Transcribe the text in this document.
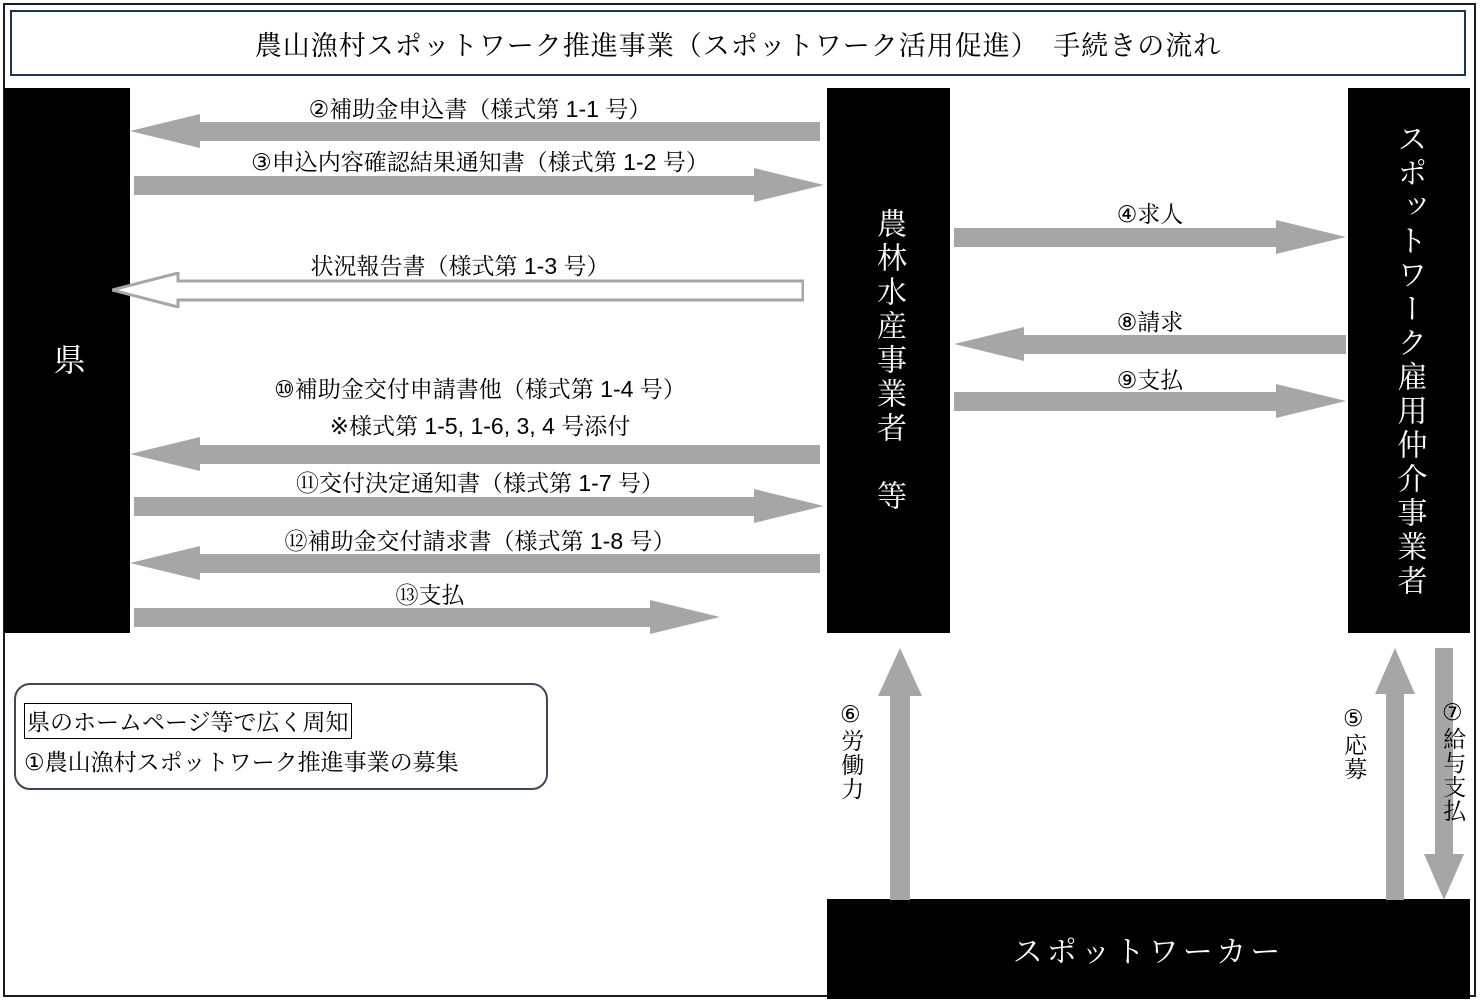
農山漁村スポットワーク推進事業（スポットワーク活用促進）　手続きの流れ
県	農林水産事業者　等	スポットワーク雇用仲介事業者
スポットワーカー
②補助金申込書（様式第 1-1 号）
③申込内容確認結果通知書（様式第 1-2 号）
状況報告書（様式第 1-3 号）
⑩補助金交付申請書他（様式第 1-4 号）
※様式第 1-5, 1-6, 3, 4 号添付
⑪交付決定通知書（様式第 1-7 号）
⑫補助金交付請求書（様式第 1-8 号）
⑬支払
④求人
⑧請求
⑨支払
⑥労働力	⑤応募	⑦給与支払
県のホームページ等で広く周知
①農山漁村スポットワーク推進事業の募集
